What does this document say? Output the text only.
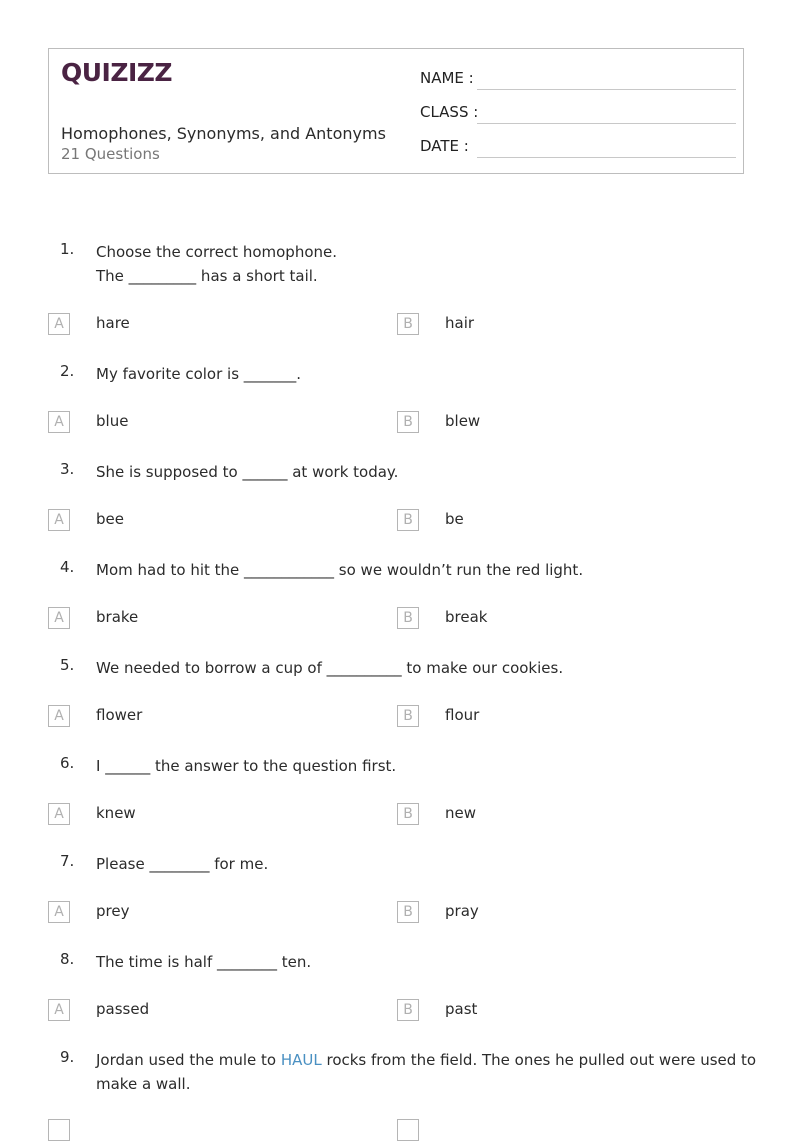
QUIZIZZ
Homophones, Synonyms, and Antonyms
21 Questions
NAME :
CLASS :
DATE :
1.	Choose the correct homophone.
The _________ has a short tail.
A	hare	B	hair
2.	My favorite color is _______.
A	blue	B	blew
3.	She is supposed to ______ at work today.
A	bee	B	be
4.	Mom had to hit the ____________ so we wouldn’t run the red light.
A	brake	B	break
5.	We needed to borrow a cup of __________ to make our cookies.
A	flower	B	flour
6.	I ______ the answer to the question first.
A	knew	B	new
7.	Please ________ for me.
A	prey	B	pray
8.	The time is half ________ ten.
A	passed	B	past
9.	Jordan used the mule to HAUL rocks from the field. The ones he pulled out were used to
make a wall.
